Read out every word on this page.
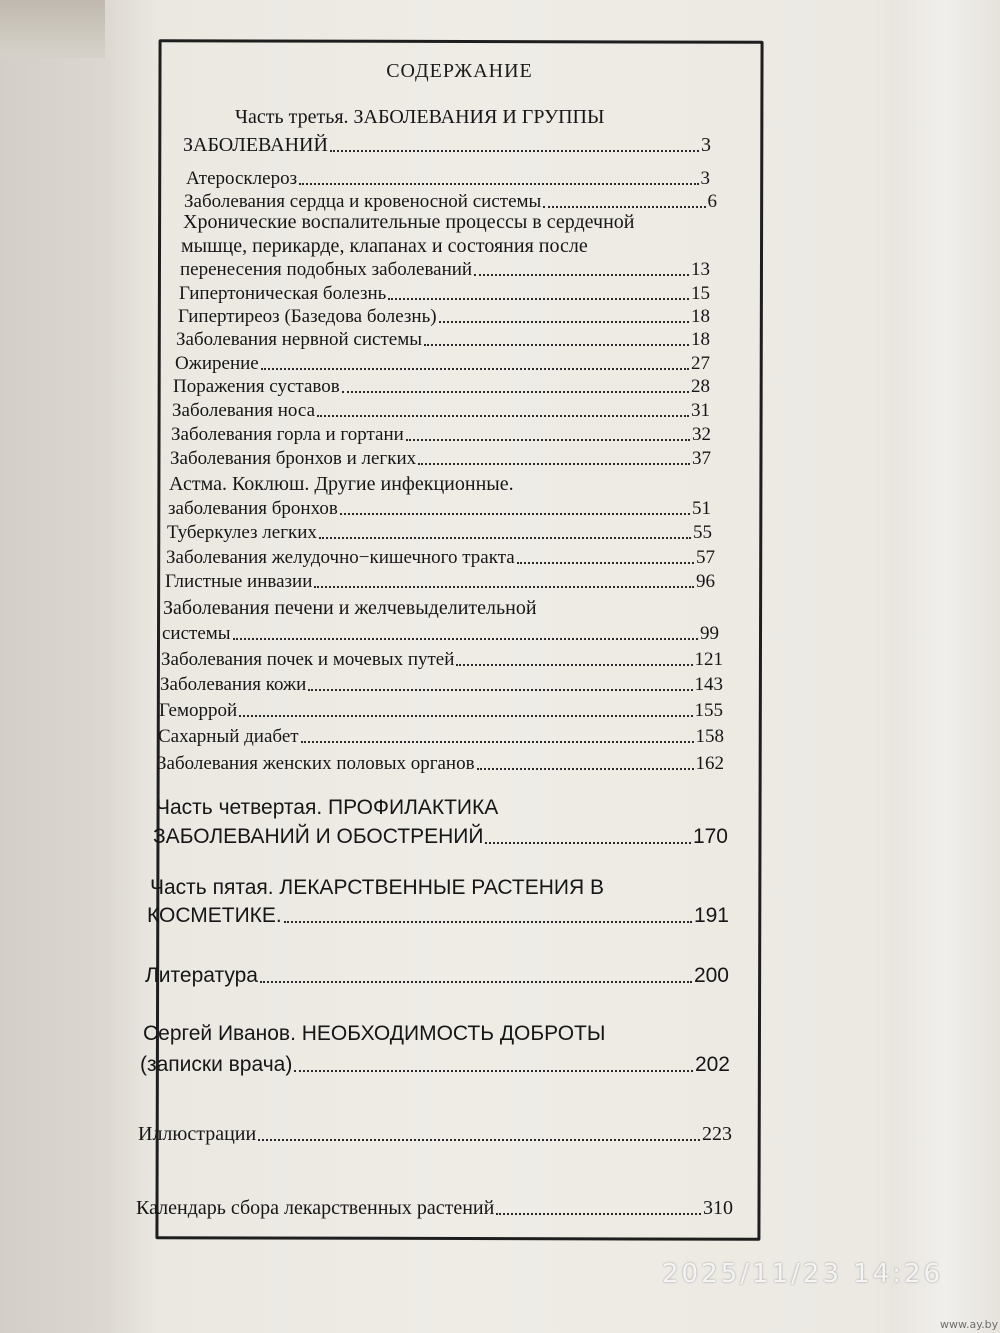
СОДЕРЖАНИЕ
Часть третья. ЗАБОЛЕВАНИЯ И ГРУППЫ
ЗАБОЛЕВАНИЙ	3
Атеросклероз	3
Заболевания сердца и кровеносной системы	6
Хронические воспалительные процессы в сердечной
мышце, перикарде, клапанах и состояния после
перенесения подобных заболеваний	13
Гипертоническая болезнь	15
Гипертиреоз (Базедова болезнь)	18
Заболевания нервной системы	18
Ожирение	27
Поражения суставов	28
Заболевания носа	31
Заболевания горла и гортани	32
Заболевания бронхов и легких	37
Астма. Коклюш. Другие инфекционные.
заболевания бронхов	51
Туберкулез легких	55
Заболевания желудочно−кишечного тракта	57
Глистные инвазии	96
Заболевания печени и желчевыделительной
системы	99
Заболевания почек и мочевых путей	121
Заболевания кожи	143
Геморрой	155
Сахарный диабет	158
Заболевания женских половых органов	162
Часть четвертая. ПРОФИЛАКТИКА
ЗАБОЛЕВАНИЙ И ОБОСТРЕНИЙ	170
Часть пятая. ЛЕКАРСТВЕННЫЕ РАСТЕНИЯ В
КОСМЕТИКЕ.	191
Литература	200
Сергей Иванов. НЕОБХОДИМОСТЬ ДОБРОТЫ
(записки врача)	202
Иллюстрации	223
Календарь сбора лекарственных растений	310
2025/11/23 14:26
www.ay.by
